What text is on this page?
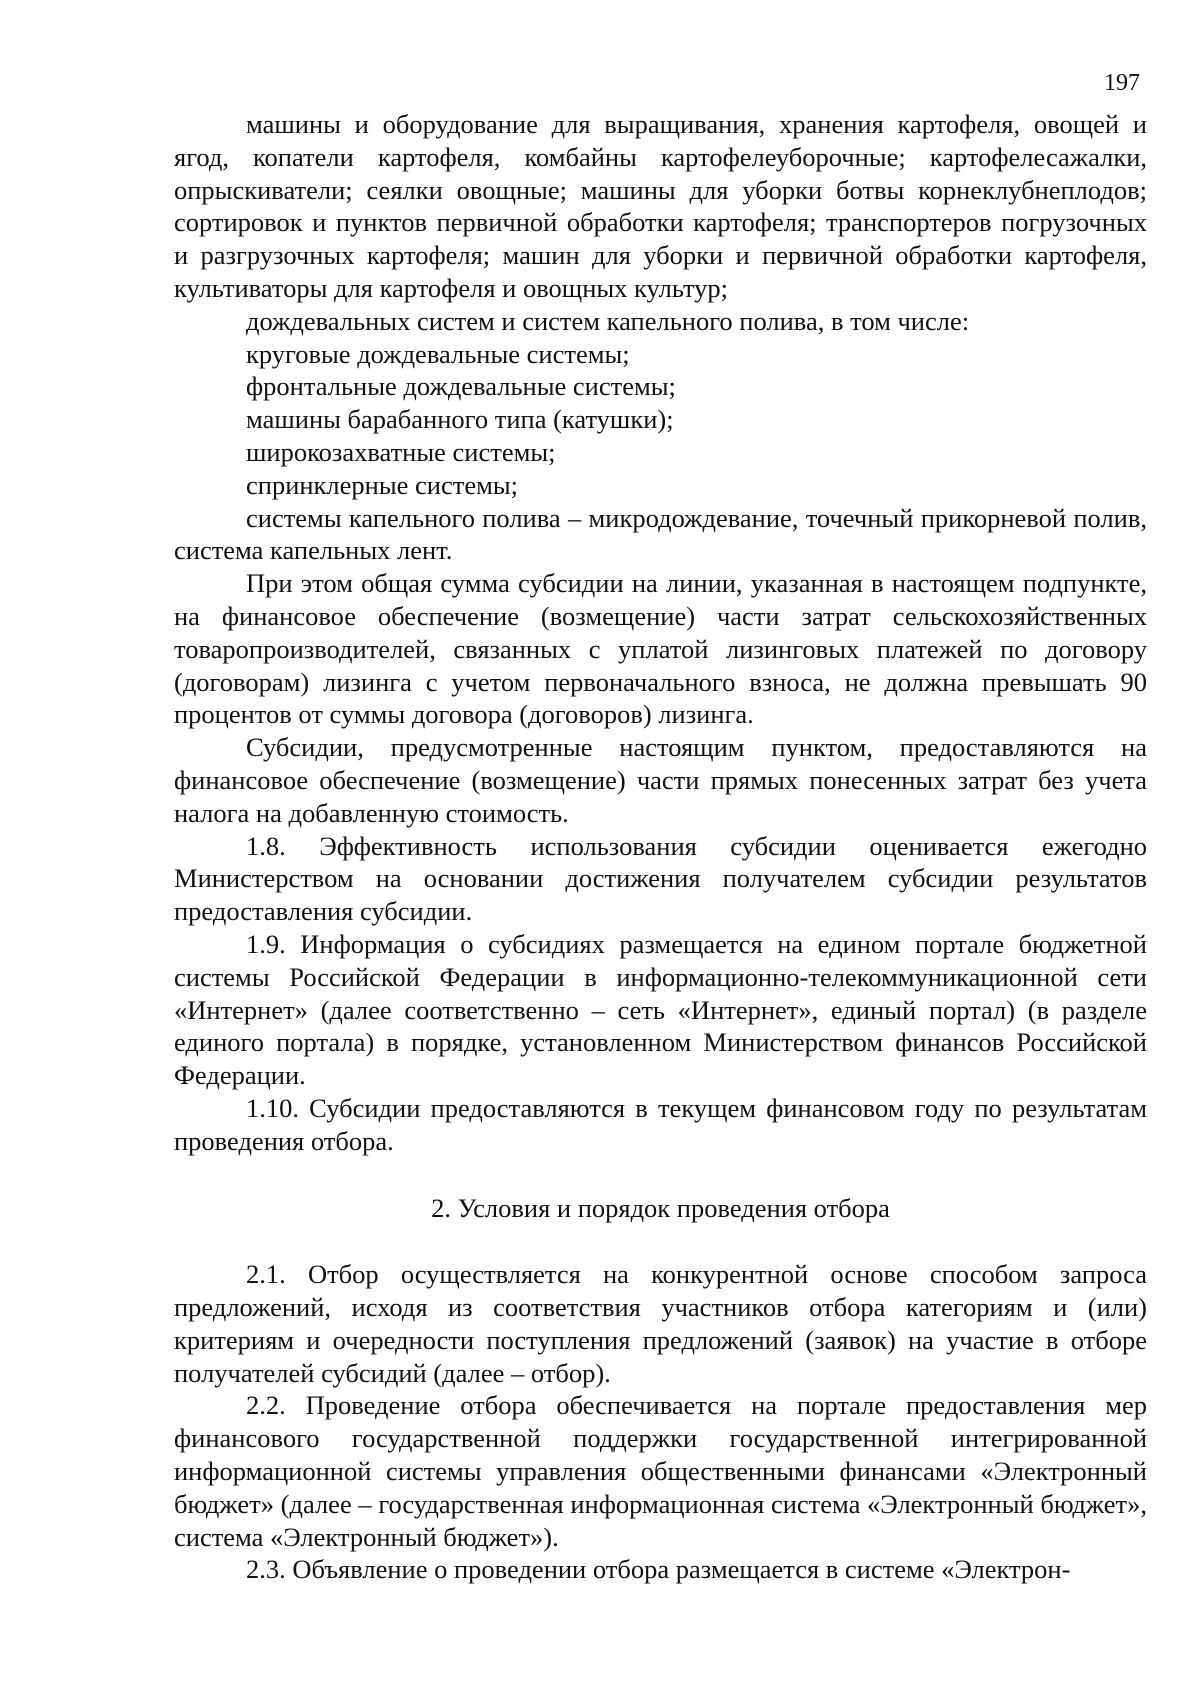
197

машины и оборудование для выращивания, хранения картофеля, овощей и ягод, копатели картофеля, комбайны картофелеуборочные; картофелесажалки, опрыскиватели; сеялки овощные; машины для уборки ботвы корнеклубнеплодов; сортировок и пунктов первичной обработки картофеля; транспортеров погрузочных и разгрузочных картофеля; машин для уборки и первичной обработки картофеля, культиваторы для картофеля и овощных культур;

дождевальных систем и систем капельного полива, в том числе:

круговые дождевальные системы;

фронтальные дождевальные системы;

машины барабанного типа (катушки);

широкозахватные системы;

спринклерные системы;

системы капельного полива – микродождевание, точечный прикорневой полив, система капельных лент.

При этом общая сумма субсидии на линии, указанная в настоящем подпункте, на финансовое обеспечение (возмещение) части затрат сельскохозяйственных товаропроизводителей, связанных с уплатой лизинговых платежей по договору (договорам) лизинга с учетом первоначального взноса, не должна превышать 90 процентов от суммы договора (договоров) лизинга.

Субсидии, предусмотренные настоящим пунктом, предоставляются на финансовое обеспечение (возмещение) части прямых понесенных затрат без учета налога на добавленную стоимость.

1.8. Эффективность использования субсидии оценивается ежегодно Министерством на основании достижения получателем субсидии результатов предоставления субсидии.

1.9. Информация о субсидиях размещается на едином портале бюджетной системы Российской Федерации в информационно-телекоммуникационной сети «Интернет» (далее соответственно – сеть «Интернет», единый портал) (в разделе единого портала) в порядке, установленном Министерством финансов Российской Федерации.

1.10. Субсидии предоставляются в текущем финансовом году по результатам проведения отбора.

2. Условия и порядок проведения отбора

2.1. Отбор осуществляется на конкурентной основе способом запроса предложений, исходя из соответствия участников отбора категориям и (или) критериям и очередности поступления предложений (заявок) на участие в отборе получателей субсидий (далее – отбор).

2.2. Проведение отбора обеспечивается на портале предоставления мер финансового государственной поддержки государственной интегрированной информационной системы управления общественными финансами «Электронный бюджет» (далее – государственная информационная система «Электронный бюджет», система «Электронный бюджет»).

2.3. Объявление о проведении отбора размещается в системе «Электрон-
